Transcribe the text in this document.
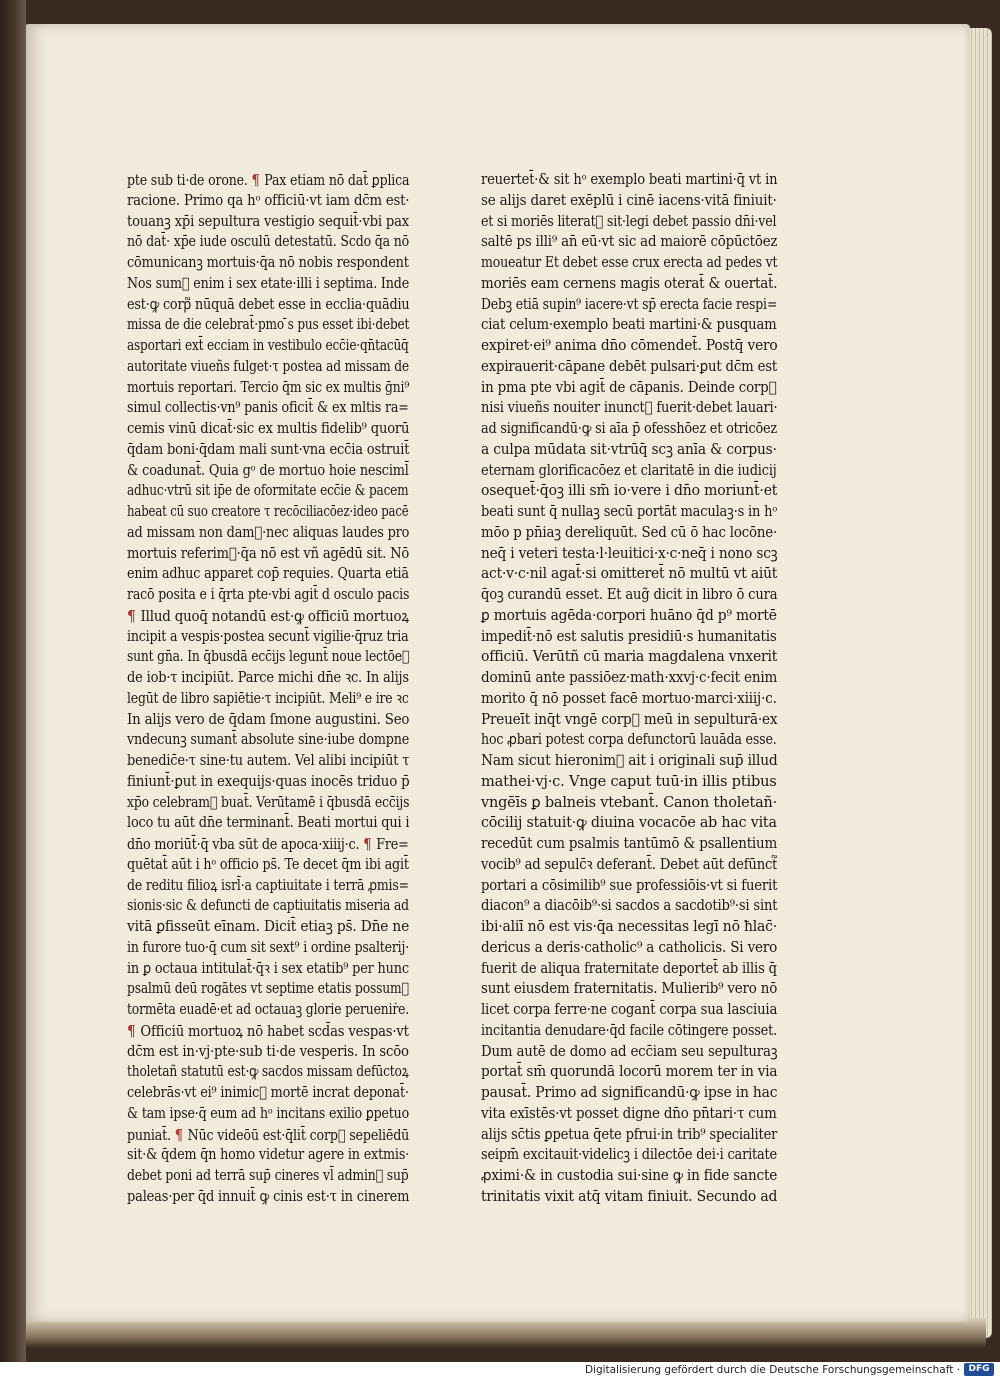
pte sub ti·de orone. ¶ Pax etiam nō dat̄ ꝑplica
racione. Primo qa hᵒ officiū·vt iam dc̄m est·
touanꝫ xp̄i sepultura vestigio sequit̄·vbi pax
nō dat̄· xp̄e iude osculū detestatū. Scdo q̄a nō
cōmunicanꝫ mortuis·q̄a nō nobis respondent
Nos sum᷑ enim i sex etate·illi i septima. Inde
est·ꝙ corp᷑ nūquā debet esse in ecclia·quādiu
missa de die celebrat̄·pmo ̄s pus esset ibi·debet
asportari ext̄ ecciam in vestibulo ecc̄ie·qn̄tacūq̄
autoritate viueñs fulget·τ postea ad missam de
mortuis reportari. Tercio q̄m sic ex multis ḡni⁹
simul collectis·vn⁹ panis oficit̄ & ex mltis ra=
cemis vinū dicat̄·sic ex multis fidelib⁹ quorū
q̄dam boni·q̄dam mali sunt·vna ecc̄ia ostruit̄
& coadunat̄. Quia gᵒ de mortuo hoie nesciml̄
adhuc·vtrū sit ip̄e de oformitate ecc̄ie & pacem
habeat cū suo creatore τ recōciliacōez·ideo pacē
ad missam non dam᷑·nec aliquas laudes pro
mortuis referim᷑·q̄a nō est vñ agēdū sit. Nō
enim adhuc apparet cop̄ requies. Quarta etiā
racō posita e i q̄rta pte·vbi agit̄ d osculo pacis
¶ Illud quoq̄ notandū est·ꝙ officiū mortuoꝝ
incipit a vespis·postea secunt̄ vigilie·q̄ruz tria
sunt gn̄a. In q̄busdā ecc̄ijs legunt̄ noue lectōe᷑
de iob·τ incipiūt. Parce michi dn̄e ꝛc. In alijs
legūt de libro sapiētie·τ incipiūt. Meli⁹ e ire ꝛc
In alijs vero de q̄dam ſmone augustini. Seo
vndecunꝫ sumant̄ absolute sine·iube dompne
benedic̄e·τ sine·tu autem. Vel alibi incipiūt τ
finiunt̄·ꝑut in exequijs·quas inocēs triduo p̄
xp̄o celebram᷑ buat̄. Verūtamē i q̄busdā ecc̄ijs
loco tu aūt dn̄e terminant̄. Beati mortui qui i
dn̄o moriūt̄·q̄ vba sūt de apoca·xiiij·c. ¶ Fre=
quētat̄ aūt i hᵒ officio ps̄. Te decet q̄m ibi agit̄
de reditu filioꝝ isrl̄·a captiuitate i terrā ꝓmis=
sionis·sic & defuncti de captiuitatis miseria ad
vitā ꝑfisseūt eīnam. Dicit̄ etiaꝫ ps̄. Dn̄e ne
in furore tuo·q̄ cum sit sext⁹ i ordine psalterij·
in ꝑ octaua intitulat̄·q̄ꝛ i sex etatib⁹ per hunc
psalmū deū rogātes vt septime etatis possum᷑
tormēta euadē·et ad octauaꝫ glorie perueniṙe.
¶ Officiū mortuoꝝ nō habet scd̄as vespas·vt
dc̄m est in·vj·pte·sub ti·de vesperis. In scōo
tholetañ statutū est·ꝙ sacdos missam defūctoꝝ
celebrās·vt ei⁹ inimic᷑ mortē incrat deponat̄·
& tam ipse·q̄ eum ad hᵒ incitans exilio ꝑpetuo
puniat̄. ¶ Nūc videōū est·q̄lit̄ corp᷑ sepeliēdū
sit·& q̄dem q̄n homo videtur agere in extmis·
debet poni ad terrā sup̄ cineres vl̄ admin᷑ sup̄
paleas·per q̄d innuit̄ ꝙ cinis est·τ in cinerem
reuertet̄·& sit hᵒ exemplo beati martini·q̄ vt in
se alijs daret exēplū i cinē iacens·vitā finiuit·
et si moriēs literat᷑ sit·legi debet passio dn̄i·vel
saltē ps illi⁹ an̄ eū·vt sic ad maiorē cōpūctōez
moueatur Et debet esse crux erecta ad pedes vt
moriēs eam cernens magis oterat̄ & ouertat̄.
Debꝫ etiā supin⁹ iacere·vt sp̄ erecta facie respi=
ciat celum·exemplo beati martini·& pusquam
expiret·ei⁹ anima dn̄o cōmendet̄. Postq̄ vero
expirauerit·cāpane debēt pulsari·ꝑut dc̄m est
in pma pte vbi agit̄ de cāpanis. Deinde corp᷑
nisi viueñs nouiter inunct᷑ fuerit·debet lauari·
ad significandū·ꝙ si aīa p̄ ofesshōez et otricōez
a culpa mūdata sit·vtrūq̄ scꝫ anīa & corpus·
eternam glorificacōez et claritatē in die iudicij
osequet̄·q̄oꝫ illi sm̄ io·vere i dn̄o moriunt̄·et
beati sunt q̄ nullaꝫ secū portāt maculaꝫ·s in hᵒ
mōo p pn̄iaꝫ dereliquūt. Sed cū ō hac locōne·
neq̄ i veteri testa·l·leuitici·x·c·neq̄ i nono scꝫ
act·v·c·nil agat̄·si omitteret̄ nō multū vt aiūt
q̄oꝫ curandū esset. Et aug̃ dicit in libro ō cura
ꝑ mortuis agēda·corpori huāno q̄d p⁹ mortē
impedit̄·nō est salutis presidiū·s humanitatis
officiū. Verūtñ cū maria magdalena vnxerit
dominū ante passiōez·math·xxvj·c·fecit enim
morito q̄ nō posset facē mortuo·marci·xiiij·c.
Preueīt inq̄t vngē corp᷑ meū in sepulturā·ex
hoc ꝓbari potest corpa defunctorū lauāda esse.
Nam sicut hieronim᷑ ait i originali sup̄ illud
mathei·vj·c. Vnge caput tuū·in illis ptibus
vngēīs ꝑ balneis vtebant̄. Canon tholetañ·
cōcilij statuit·ꝙ diuina vocacōe ab hac vita
recedūt cum psalmis tantūmō & psallentium
vocib⁹ ad sepulc̄ꝛ deferant̄. Debet aūt defūnct᷑
portari a cōsimilib⁹ sue professiōis·vt si fuerit
diacon⁹ a diacōib⁹·si sacdos a sacdotib⁹·si sint
ibi·aliī nō est vis·q̄a necessitas legī nō ħlac̄·
dericus a deris·catholic⁹ a catholicis. Si vero
fuerit de aliqua fraternitate deportet̄ ab illis q̄
sunt eiusdem fraternitatis. Mulierib⁹ vero nō
licet corpa ferre·ne cogant̄ corpa sua lasciuia
incitantia denudare·q̄d facile cōtingere posset.
Dum autē de domo ad ecc̄iam seu sepulturaꝫ
portat̄ sm̄ quorundā locorū morem ter in via
pausat̄. Primo ad significandū·ꝙ ipse in hac
vita exīstēs·vt posset digne dn̄o pn̄tari·τ cum
alijs sc̄tis ꝑpetua q̄ete pfrui·in trib⁹ specialiter
seipm̄ excitauit·videlicꝫ i dilectōe dei·i caritate
ꝓximi·& in custodia sui·sine ꝙ in fide sancte
trinitatis vixit atq̄ vitam finiuit. Secundo ad
Digitalisierung gefördert durch die Deutsche Forschungsgemeinschaft · DFG
